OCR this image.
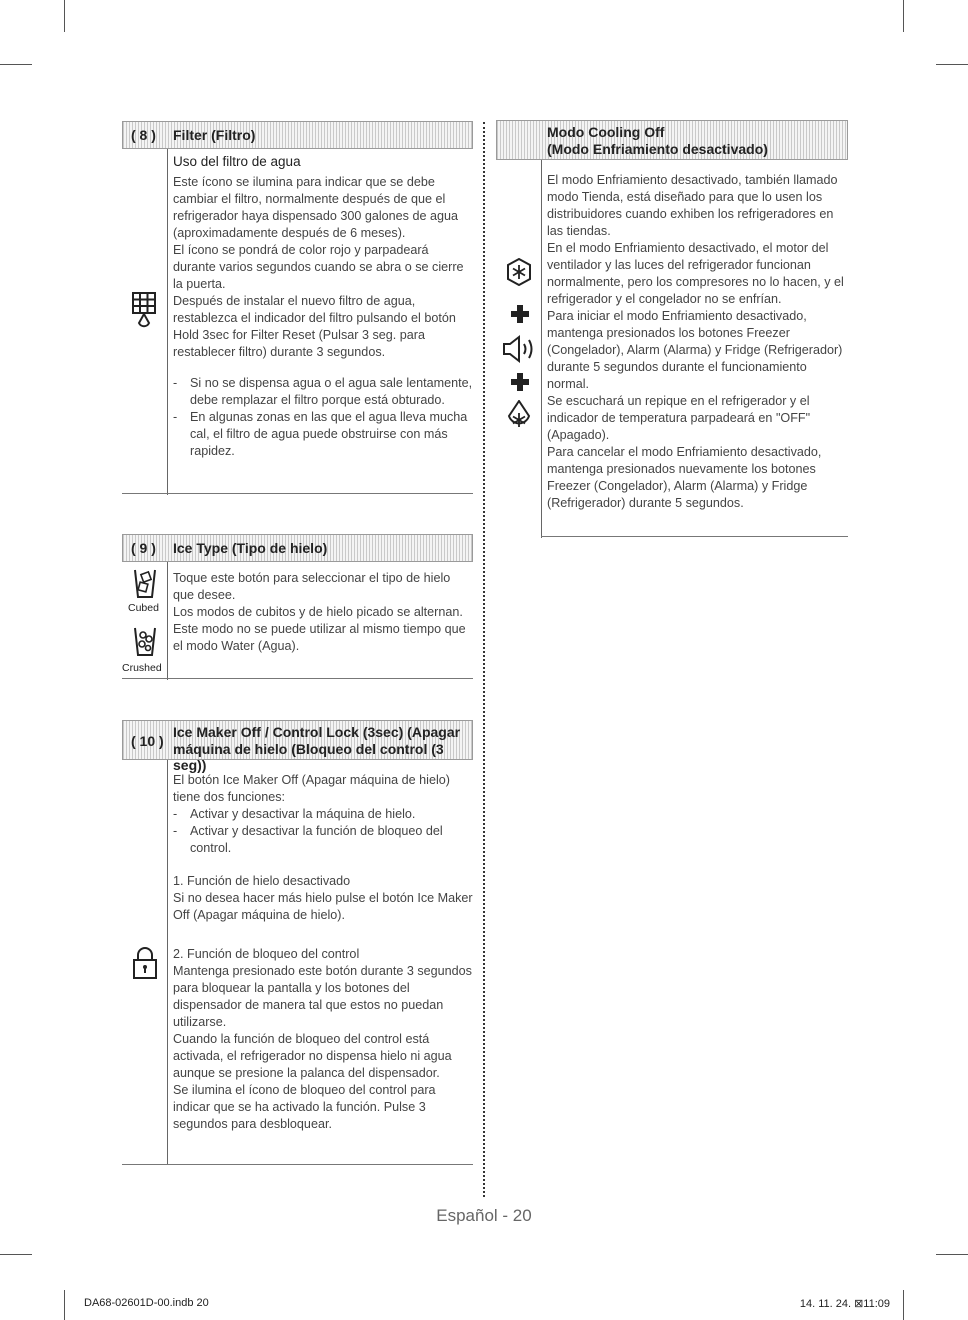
( 8 ) Filter (Filtro)

Uso del filtro de agua

Este ícono se ilumina para indicar que se debe cambiar el filtro, normalmente después de que el refrigerador haya dispensado 300 galones de agua (aproximadamente después de 6 meses).

El ícono se pondrá de color rojo y parpadeará durante varios segundos cuando se abra o se cierre la puerta.

Después de instalar el nuevo filtro de agua, restablezca el indicador del filtro pulsando el botón Hold 3sec for Filter Reset (Pulsar 3 seg. para restablecer filtro) durante 3 segundos.

- Si no se dispensa agua o el agua sale lentamente, debe remplazar el filtro porque está obturado.
- En algunas zonas en las que el agua lleva mucha cal, el filtro de agua puede obstruirse con más rapidez.
( 9 ) Ice Type (Tipo de hielo)
Cubed
Crushed

Toque este botón para seleccionar el tipo de hielo que desee.

Los modos de cubitos y de hielo picado se alternan.

Este modo no se puede utilizar al mismo tiempo que el modo Water (Agua).

( 10 )
Ice Maker Off / Control Lock (3sec) (Apagar
máquina de hielo (Bloqueo del control (3 seg))

El botón Ice Maker Off (Apagar máquina de hielo) tiene dos funciones:

- Activar y desactivar la máquina de hielo.
- Activar y desactivar la función de bloqueo del control.

1. Función de hielo desactivado

Si no desea hacer más hielo pulse el botón Ice Maker Off (Apagar máquina de hielo).

2. Función de bloqueo del control

Mantenga presionado este botón durante 3 segundos para bloquear la pantalla y los botones del dispensador de manera tal que estos no puedan utilizarse.

Cuando la función de bloqueo del control está activada, el refrigerador no dispensa hielo ni agua aunque se presione la palanca del dispensador.

Se ilumina el ícono de bloqueo del control para indicar que se ha activado la función. Pulse 3 segundos para desbloquear.

Modo Cooling Off
(Modo Enfriamiento desactivado)

El modo Enfriamiento desactivado, también llamado modo Tienda, está diseñado para que lo usen los distribuidores cuando exhiben los refrigeradores en las tiendas.

En el modo Enfriamiento desactivado, el motor del ventilador y las luces del refrigerador funcionan normalmente, pero los compresores no lo hacen, y el refrigerador y el congelador no se enfrían.

Para iniciar el modo Enfriamiento desactivado, mantenga presionados los botones Freezer (Congelador), Alarm (Alarma) y Fridge (Refrigerador) durante 5 segundos durante el funcionamiento normal.

Se escuchará un repique en el refrigerador y el indicador de temperatura parpadeará en "OFF" (Apagado).

Para cancelar el modo Enfriamiento desactivado, mantenga presionados nuevamente los botones Freezer (Congelador), Alarm (Alarma) y Fridge (Refrigerador) durante 5 segundos.

Español - 20
DA68-02601D-00.indb 20	14. 11. 24. ⊠11:09
